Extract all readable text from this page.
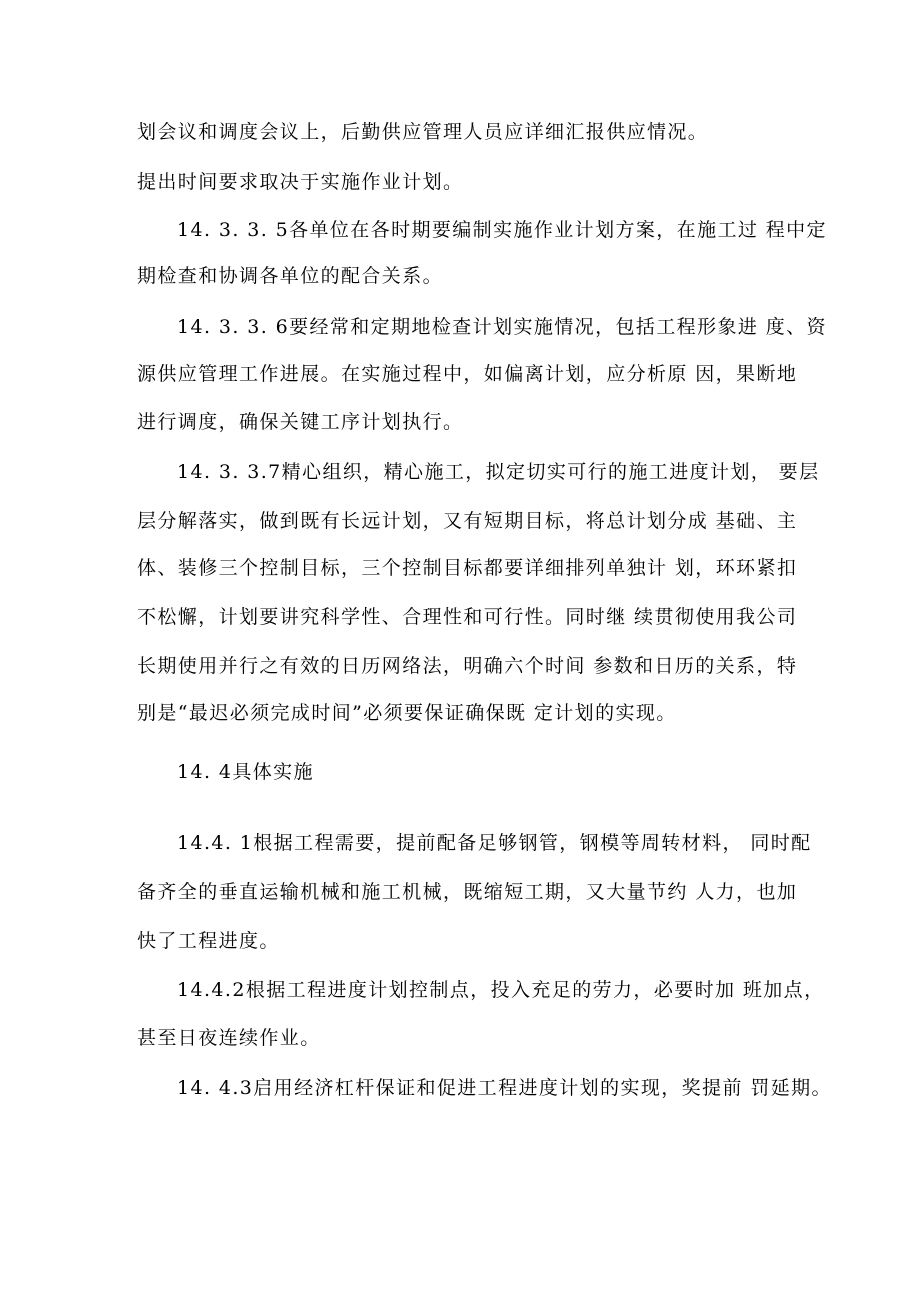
划会议和调度会议上，后勤供应管理人员应详细汇报供应情况。
提出时间要求取决于实施作业计划。
14. 3. 3. 5各单位在各时期要编制实施作业计划方案，在施工过 程中定
期检查和协调各单位的配合关系。
14. 3. 3. 6要经常和定期地检查计划实施情况，包括工程形象进 度、资
源供应管理工作进展。在实施过程中，如偏离计划，应分析原 因，果断地
进行调度，确保关键工序计划执行。
14. 3. 3.7精心组织，精心施工，拟定切实可行的施工进度计划， 要层
层分解落实，做到既有长远计划，又有短期目标，将总计划分成 基础、主
体、装修三个控制目标，三个控制目标都要详细排列单独计 划，环环紧扣
不松懈，计划要讲究科学性、合理性和可行性。同时继 续贯彻使用我公司
长期使用并行之有效的日历网络法，明确六个时间 参数和日历的关系，特
别是“最迟必须完成时间”必须要保证确保既 定计划的实现。
14. 4具体实施
14.4. 1根据工程需要，提前配备足够钢管，钢模等周转材料， 同时配
备齐全的垂直运输机械和施工机械，既缩短工期，又大量节约 人力，也加
快了工程进度。
14.4.2根据工程进度计划控制点，投入充足的劳力，必要时加 班加点，
甚至日夜连续作业。
14. 4.3启用经济杠杆保证和促进工程进度计划的实现，奖提前 罚延期。
